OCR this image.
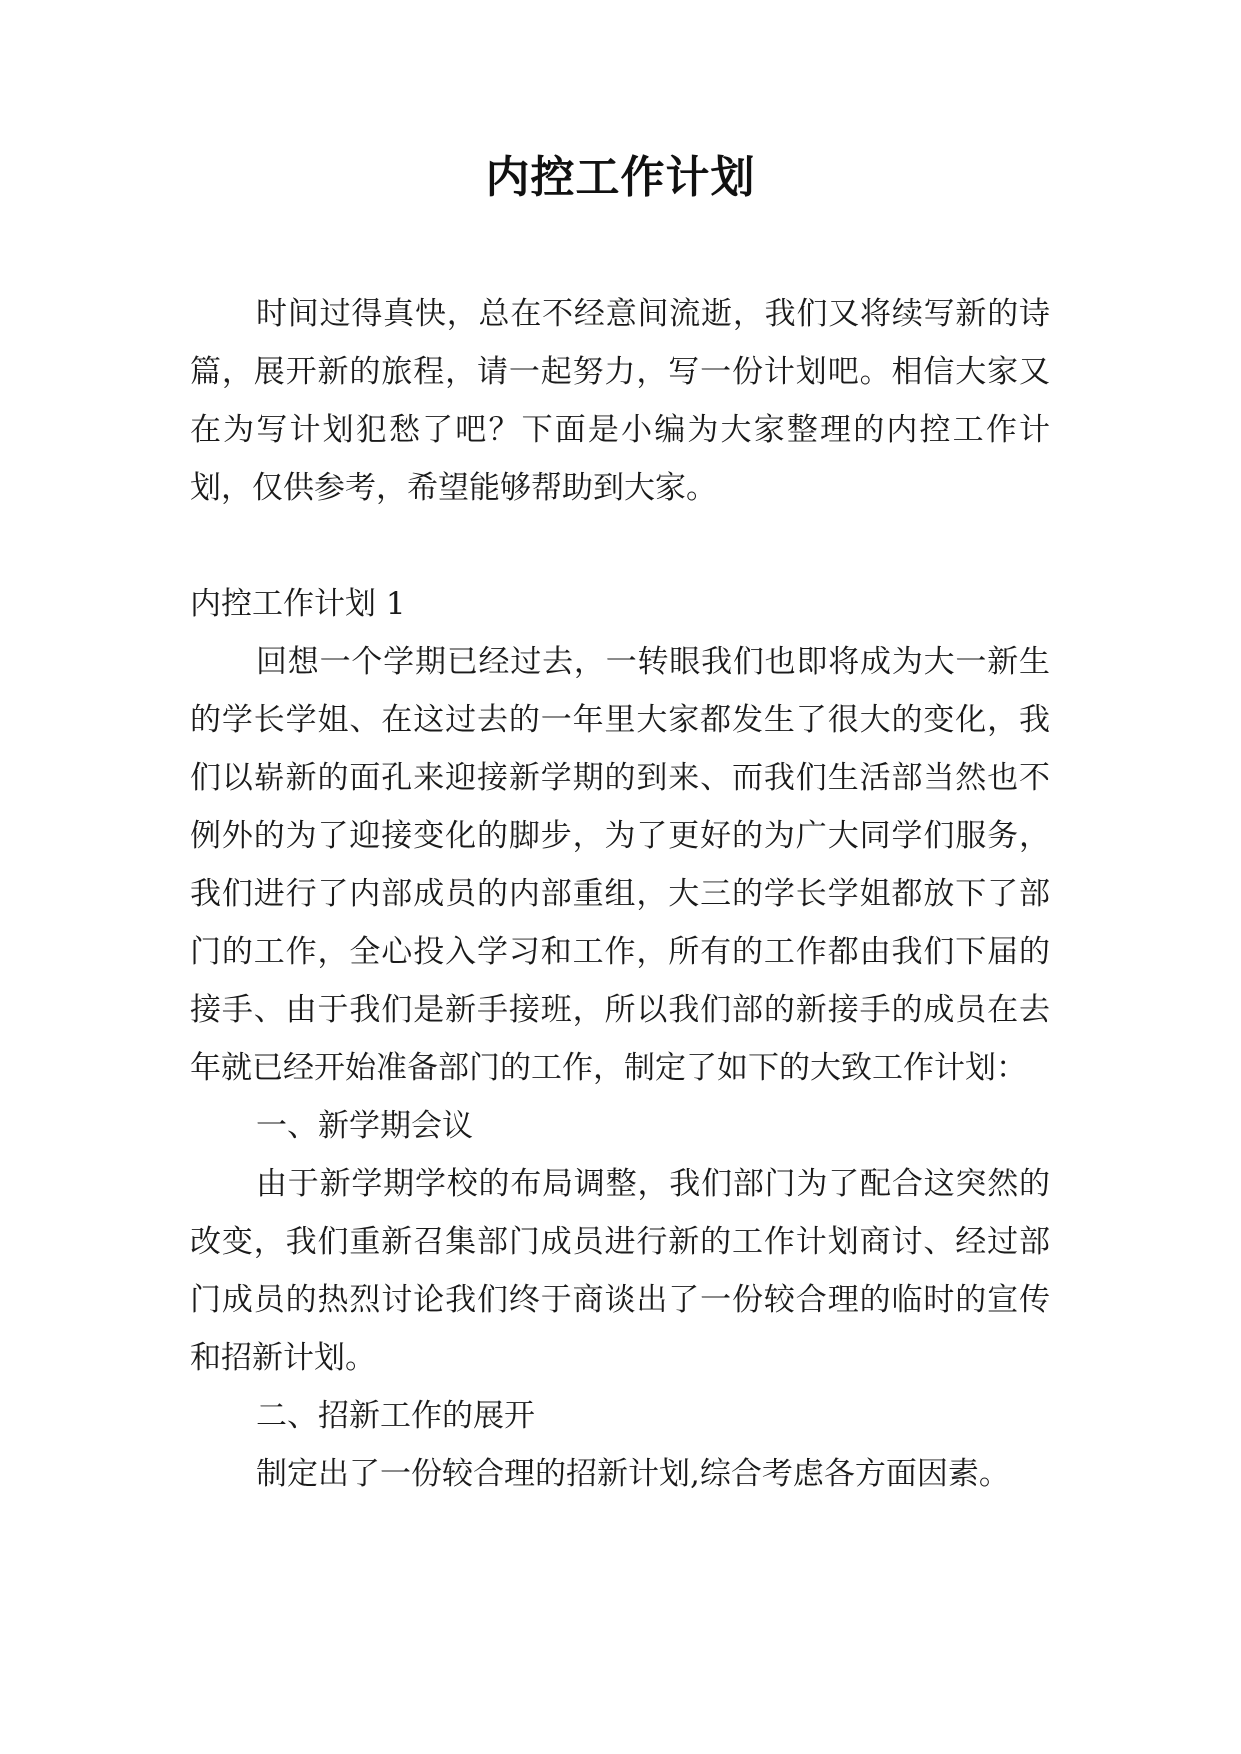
内控工作计划

时间过得真快，总在不经意间流逝，我们又将续写新的诗篇，展开新的旅程，请一起努力，写一份计划吧。相信大家又在为写计划犯愁了吧？下面是小编为大家整理的内控工作计划，仅供参考，希望能够帮助到大家。

内控工作计划 1

回想一个学期已经过去，一转眼我们也即将成为大一新生的学长学姐、在这过去的一年里大家都发生了很大的变化，我们以崭新的面孔来迎接新学期的到来、而我们生活部当然也不例外的为了迎接变化的脚步，为了更好的为广大同学们服务，我们进行了内部成员的内部重组，大三的学长学姐都放下了部门的工作，全心投入学习和工作，所有的工作都由我们下届的接手、由于我们是新手接班，所以我们部的新接手的成员在去年就已经开始准备部门的工作，制定了如下的大致工作计划：

一、新学期会议

由于新学期学校的布局调整，我们部门为了配合这突然的改变，我们重新召集部门成员进行新的工作计划商讨、经过部门成员的热烈讨论我们终于商谈出了一份较合理的临时的宣传和招新计划。

二、招新工作的展开

制定出了一份较合理的招新计划,综合考虑各方面因素。
